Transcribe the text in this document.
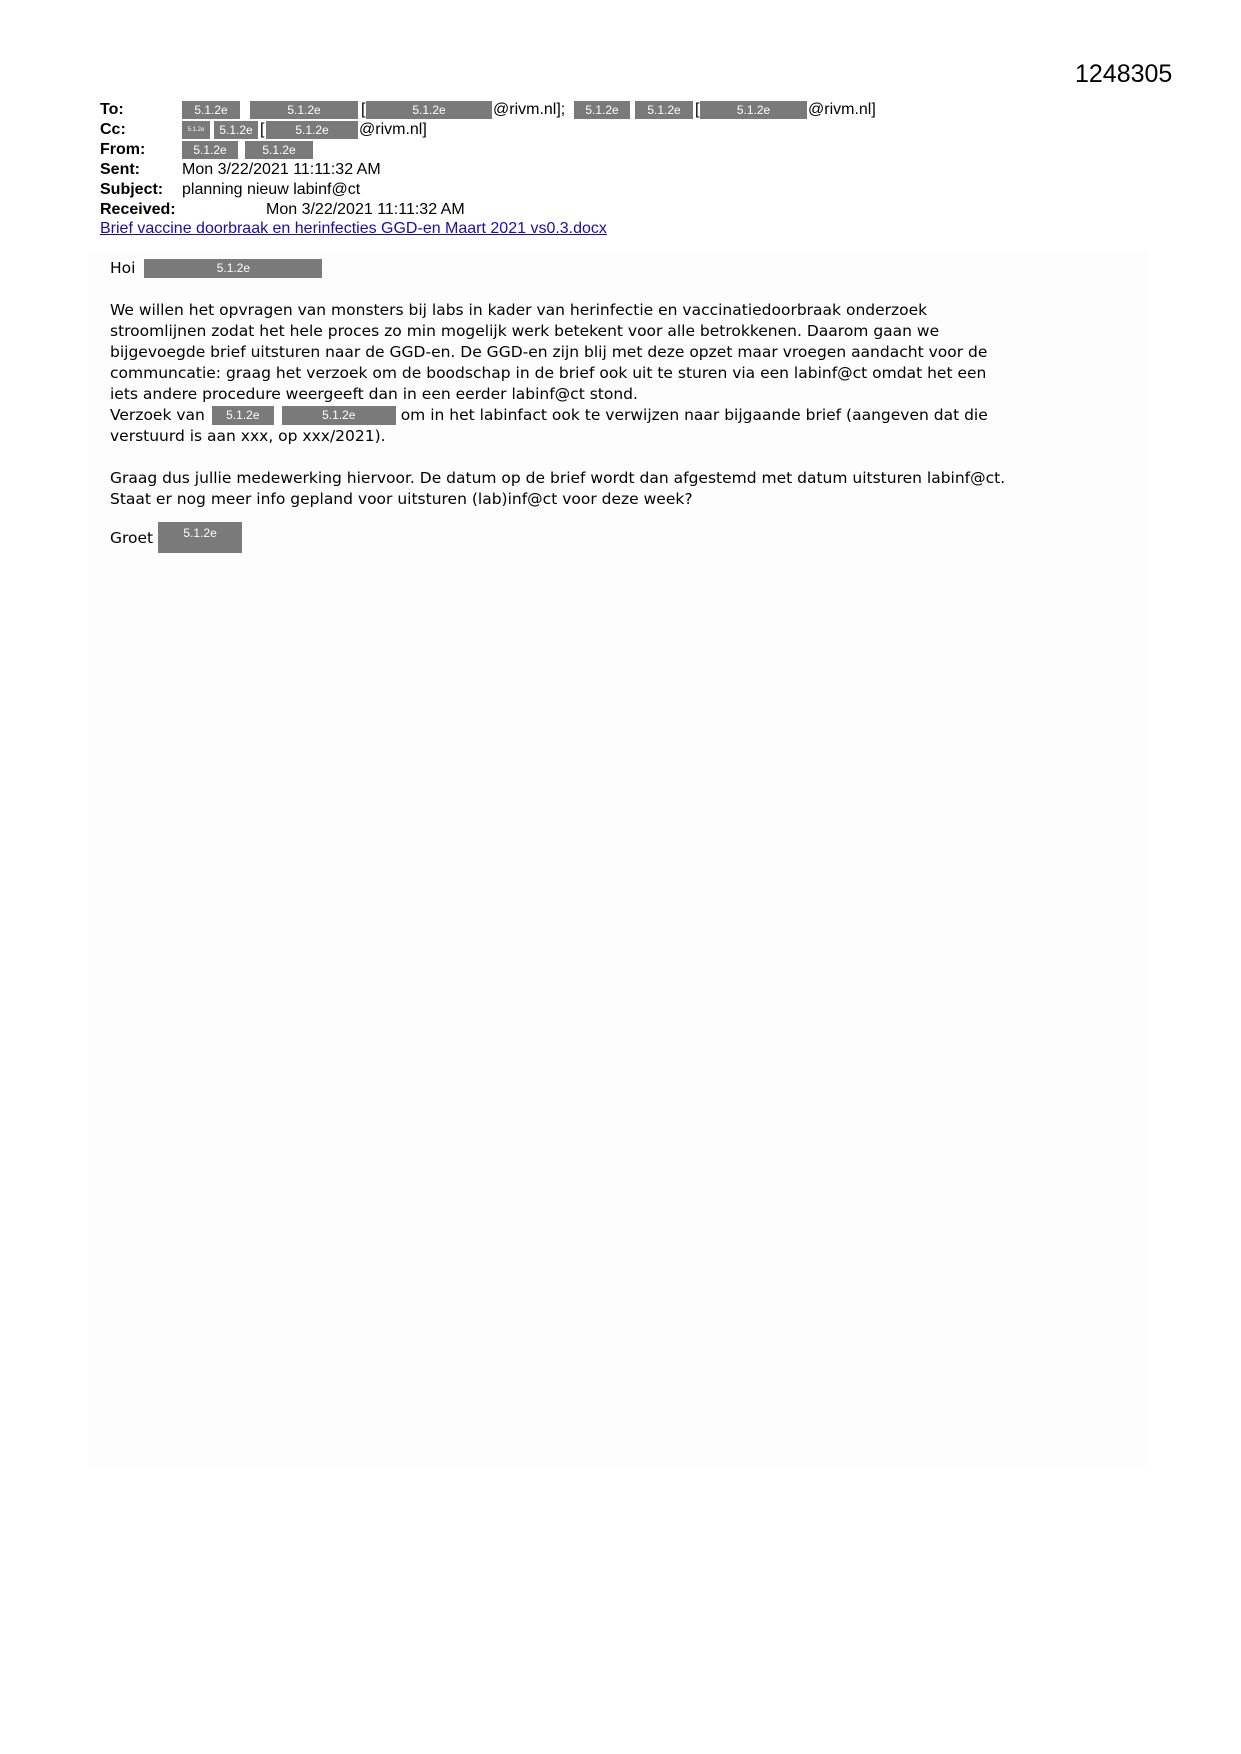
1248305
To:	5.1.2e	5.1.2e	[	5.1.2e	@rivm.nl];	5.1.2e	5.1.2e [	5.1.2e	@rivm.nl]
Cc:	5.1.2e	5.1.2e [	5.1.2e	@rivm.nl]
From:	5.1.2e	5.1.2e
Sent:	Mon 3/22/2021 11:11:32 AM
Subject: planning nieuw labinf@ct
Received:	Mon 3/22/2021 11:11:32 AM
Brief vaccine doorbraak en herinfecties GGD-en Maart 2021 vs0.3.docx
Hoi	5.1.2e
We willen het opvragen van monsters bij labs in kader van herinfectie en vaccinatiedoorbraak onderzoek
stroomlijnen zodat het hele proces zo min mogelijk werk betekent voor alle betrokkenen. Daarom gaan we
bijgevoegde brief uitsturen naar de GGD-en. De GGD-en zijn blij met deze opzet maar vroegen aandacht voor de
communcatie: graag het verzoek om de boodschap in de brief ook uit te sturen via een labinf@ct omdat het een
iets andere procedure weergeeft dan in een eerder labinf@ct stond.
Verzoek van 5.1.2e	5.1.2e	om in het labinfact ook te verwijzen naar bijgaande brief (aangeven dat die
verstuurd is aan xxx, op xxx/2021).
Graag dus jullie medewerking hiervoor. De datum op de brief wordt dan afgestemd met datum uitsturen labinf@ct.
Staat er nog meer info gepland voor uitsturen (lab)inf@ct voor deze week?
Groet	5.1.2e
